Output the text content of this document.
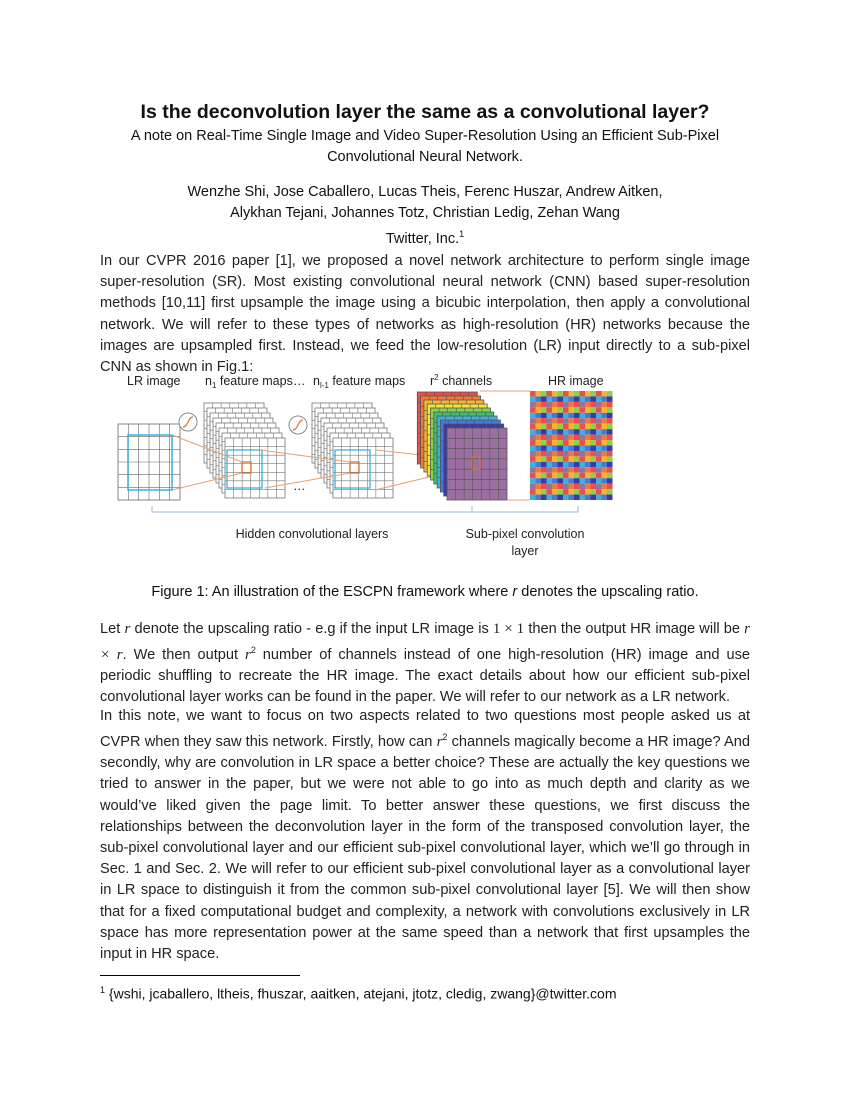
Is the deconvolution layer the same as a convolutional layer?
A note on Real-Time Single Image and Video Super-Resolution Using an Efficient Sub-Pixel
Convolutional Neural Network.
Wenzhe Shi, Jose Caballero, Lucas Theis, Ferenc Huszar, Andrew Aitken,
Alykhan Tejani, Johannes Totz, Christian Ledig, Zehan Wang
Twitter, Inc.$^1$
In our CVPR 2016 paper [1], we proposed a novel network architecture to perform single image super-resolution (SR). Most existing convolutional neural network (CNN) based super-resolution methods [10,11] first upsample the image using a bicubic interpolation, then apply a convolutional network. We will refer to these types of networks as high-resolution (HR) networks because the images are upsampled first. Instead, we feed the low-resolution (LR) input directly to a sub-pixel CNN as shown in Fig.1:
LR image $n_1$ feature maps … $n_{l-1}$ feature maps $r^2$ channels	HR image
…
Hidden convolutional layers	Sub-pixel convolution
layer
Figure 1: An illustration of the ESCPN framework where r denotes the upscaling ratio.
Let r denote the upscaling ratio - e.g if the input LR image is 1 × 1 then the output HR image will be r × r. We then output $r^2$ number of channels instead of one high-resolution (HR) image and use periodic shuffling to recreate the HR image. The exact details about how our efficient sub-pixel convolutional layer works can be found in the paper. We will refer to our network as a LR network.
In this note, we want to focus on two aspects related to two questions most people asked us at CVPR when they saw this network. Firstly, how can $r^2$ channels magically become a HR image? And secondly, why are convolution in LR space a better choice? These are actually the key questions we tried to answer in the paper, but we were not able to go into as much depth and clarity as we would’ve liked given the page limit. To better answer these questions, we first discuss the relationships between the deconvolution layer in the form of the transposed convolution layer, the sub-pixel convolutional layer and our efficient sub-pixel convolutional layer, which we’ll go through in Sec. 1 and Sec. 2. We will refer to our efficient sub-pixel convolutional layer as a convolutional layer in LR space to distinguish it from the common sub-pixel convolutional layer [5]. We will then show that for a fixed computational budget and complexity, a network with convolutions exclusively in LR space has more representation power at the same speed than a network that first upsamples the input in HR space.
$^1$ {wshi, jcaballero, ltheis, fhuszar, aaitken, atejani, jtotz, cledig, zwang}@twitter.com
